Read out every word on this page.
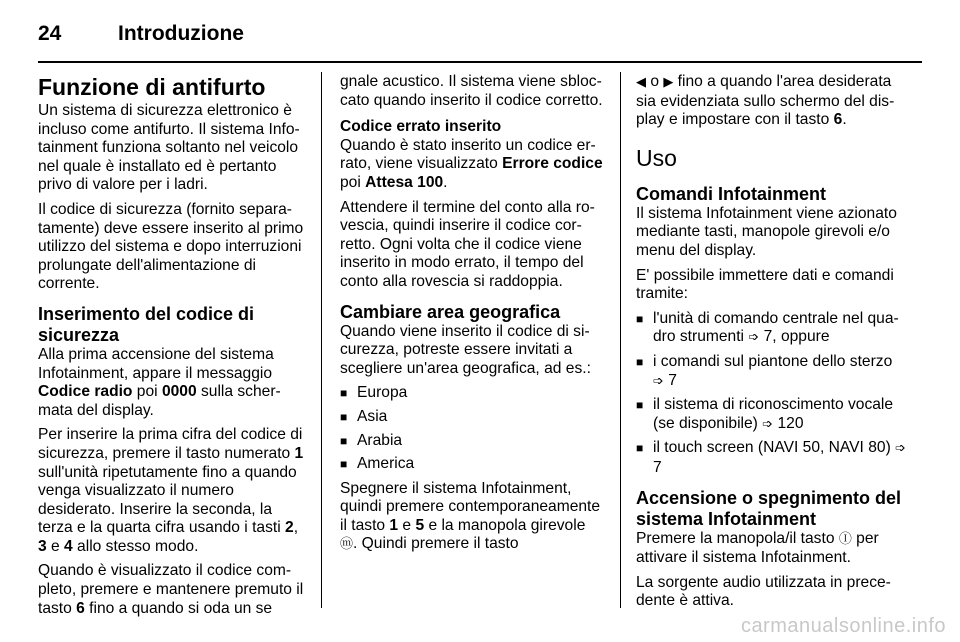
24	Introduzione
Funzione di antifurto

Un sistema di sicurezza elettronico è incluso come antifurto. Il sistema Infotainment funziona soltanto nel veicolo nel quale è installato ed è pertanto privo di valore per i ladri.

Il codice di sicurezza (fornito separatamente) deve essere inserito al primo utilizzo del sistema e dopo interruzioni prolungate dell'alimentazione di corrente.

Inserimento del codice di sicurezza

Alla prima accensione del sistema Infotainment, appare il messaggio Codice radio poi 0000 sulla schermata del display.

Per inserire la prima cifra del codice di sicurezza, premere il tasto numerato 1 sull'unità ripetutamente fino a quando venga visualizzato il numero desiderato. Inserire la seconda, la terza e la quarta cifra usando i tasti 2, 3 e 4 allo stesso modo.

Quando è visualizzato il codice completo, premere e mantenere premuto il tasto 6 fino a quando si oda un se

gnale acustico. Il sistema viene sbloccato quando inserito il codice corretto.

Codice errato inserito

Quando è stato inserito un codice errato, viene visualizzato Errore codice poi Attesa 100.

Attendere il termine del conto alla rovescia, quindi inserire il codice corretto. Ogni volta che il codice viene inserito in modo errato, il tempo del conto alla rovescia si raddoppia.

Cambiare area geografica

Quando viene inserito il codice di sicurezza, potreste essere invitati a scegliere un'area geografica, ad es.:

■ Europa
■ Asia
■ Arabia
■ America

Spegnere il sistema Infotainment, quindi premere contemporaneamente il tasto 1 e 5 e la manopola girevole ⓜ. Quindi premere il tasto

◀ o ▶ fino a quando l'area desiderata sia evidenziata sullo schermo del display e impostare con il tasto 6.

Uso
Comandi Infotainment

Il sistema Infotainment viene azionato mediante tasti, manopole girevoli e/o menu del display.

E' possibile immettere dati e comandi tramite:

■ l'unità di comando centrale nel quadro strumenti ➩ 7, oppure
■ i comandi sul piantone dello sterzo ➩ 7
■ il sistema di riconoscimento vocale (se disponibile) ➩ 120
■ il touch screen (NAVI 50, NAVI 80) ➩ 7
Accensione o spegnimento del sistema Infotainment

Premere la manopola/il tasto Ⓘ per attivare il sistema Infotainment.

La sorgente audio utilizzata in precedente è attiva.

carmanualsonline.info
